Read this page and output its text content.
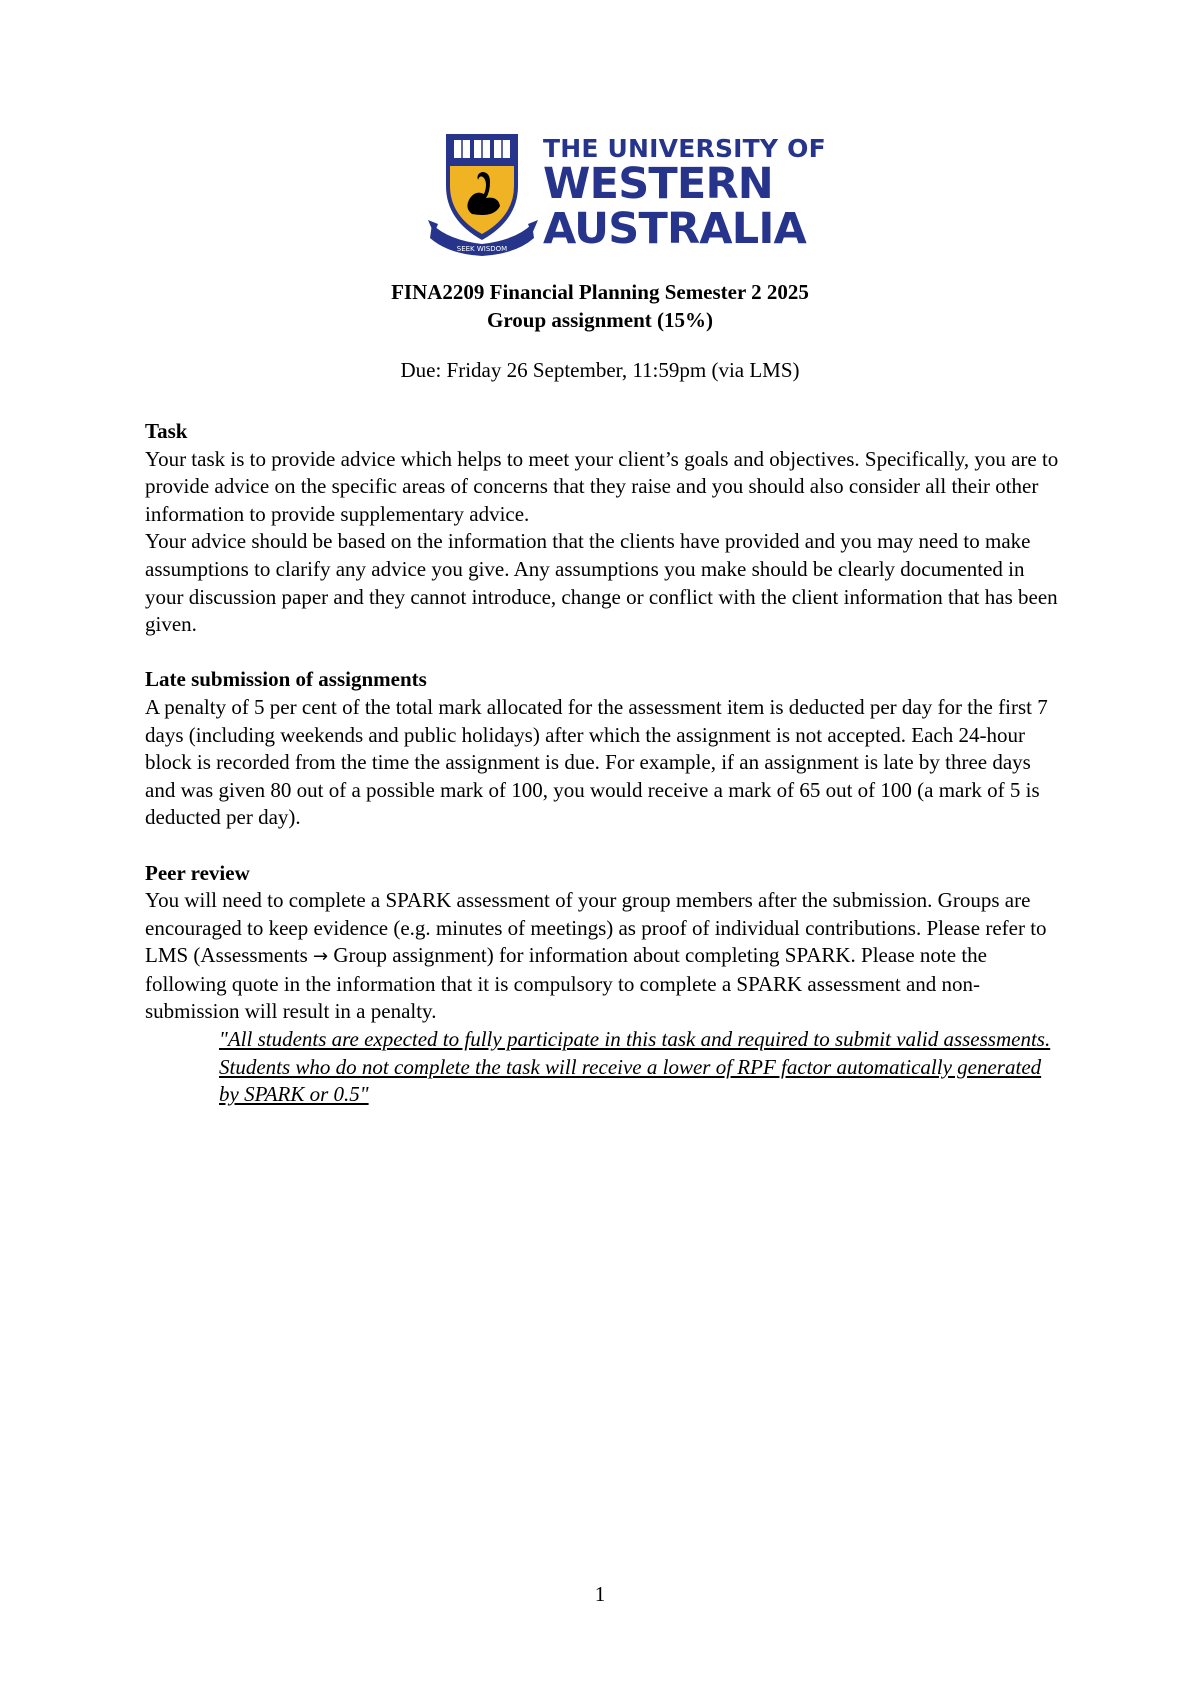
SEEK WISDOM
THE UNIVERSITY OF
WESTERN
AUSTRALIA
FINA2209 Financial Planning Semester 2 2025
Group assignment (15%)
Due: Friday 26 September, 11:59pm (via LMS)
Task
Your task is to provide advice which helps to meet your client’s goals and objectives. Specifically, you are to provide advice on the specific areas of concerns that they raise and you should also consider all their other information to provide supplementary advice.
Your advice should be based on the information that the clients have provided and you may need to make assumptions to clarify any advice you give. Any assumptions you make should be clearly documented in your discussion paper and they cannot introduce, change or conflict with the client information that has been given.
Late submission of assignments
A penalty of 5 per cent of the total mark allocated for the assessment item is deducted per day for the first 7 days (including weekends and public holidays) after which the assignment is not accepted. Each 24-hour block is recorded from the time the assignment is due. For example, if an assignment is late by three days and was given 80 out of a possible mark of 100, you would receive a mark of 65 out of 100 (a mark of 5 is deducted per day).
Peer review

You will need to complete a SPARK assessment of your group members after the submission. Groups are encouraged to keep evidence (e.g. minutes of meetings) as proof of individual contributions. Please refer to LMS (Assessments → Group assignment) for information about completing SPARK. Please note the following quote in the information that it is compulsory to complete a SPARK assessment and non-submission will result in a penalty.

"All students are expected to fully participate in this task and required to submit valid assessments. Students who do not complete the task will receive a lower of RPF factor automatically generated by SPARK or 0.5"
1
